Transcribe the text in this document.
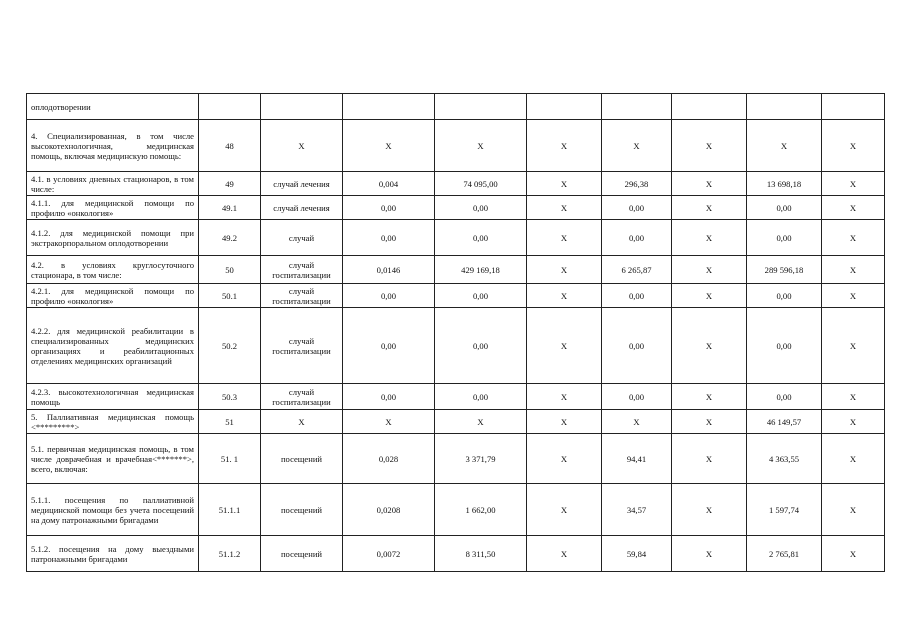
оплодотворении									
4. Специализированная, в том числе высокотехнологичная, медицинская помощь, включая медицинскую помощь:	48	X	X	X	X	X	X	X	X
4.1. в условиях дневных стационаров, в том числе:	49	случай лечения	0,004	74 095,00	X	296,38	X	13 698,18	X
4.1.1. для медицинской помощи по профилю «онкология»	49.1	случай лечения	0,00	0,00	X	0,00	X	0,00	X
4.1.2. для медицинской помощи при экстракорпоральном оплодотворении	49.2	случай	0,00	0,00	X	0,00	X	0,00	X
4.2. в условиях круглосуточного стационара, в том числе:	50	случай госпитализации	0,0146	429 169,18	X	6 265,87	X	289 596,18	X
4.2.1. для медицинской помощи по профилю «онкология»	50.1	случай госпитализации	0,00	0,00	X	0,00	X	0,00	X
4.2.2. для медицинской реабилитации в специализированных медицинских организациях и реабилитационных отделениях медицинских организаций	50.2	случай госпитализации	0,00	0,00	X	0,00	X	0,00	X
4.2.3. высокотехнологичная медицинская помощь	50.3	случай госпитализации	0,00	0,00	X	0,00	X	0,00	X
5. Паллиативная медицинская помощь <*********>	51	X	X	X	X	X	X	46 149,57	X
5.1. первичная медицинская помощь, в том числе доврачебная и врачебная<*******>, всего, включая:	51. 1	посещений	0,028	3 371,79	X	94,41	X	4 363,55	X
5.1.1. посещения по паллиативной медицинской помощи без учета посещений на дому патронажными бригадами	51.1.1	посещений	0,0208	1 662,00	X	34,57	X	1 597,74	X
5.1.2. посещения на дому выездными патронажными бригадами	51.1.2	посещений	0,0072	8 311,50	X	59,84	X	2 765,81	X
